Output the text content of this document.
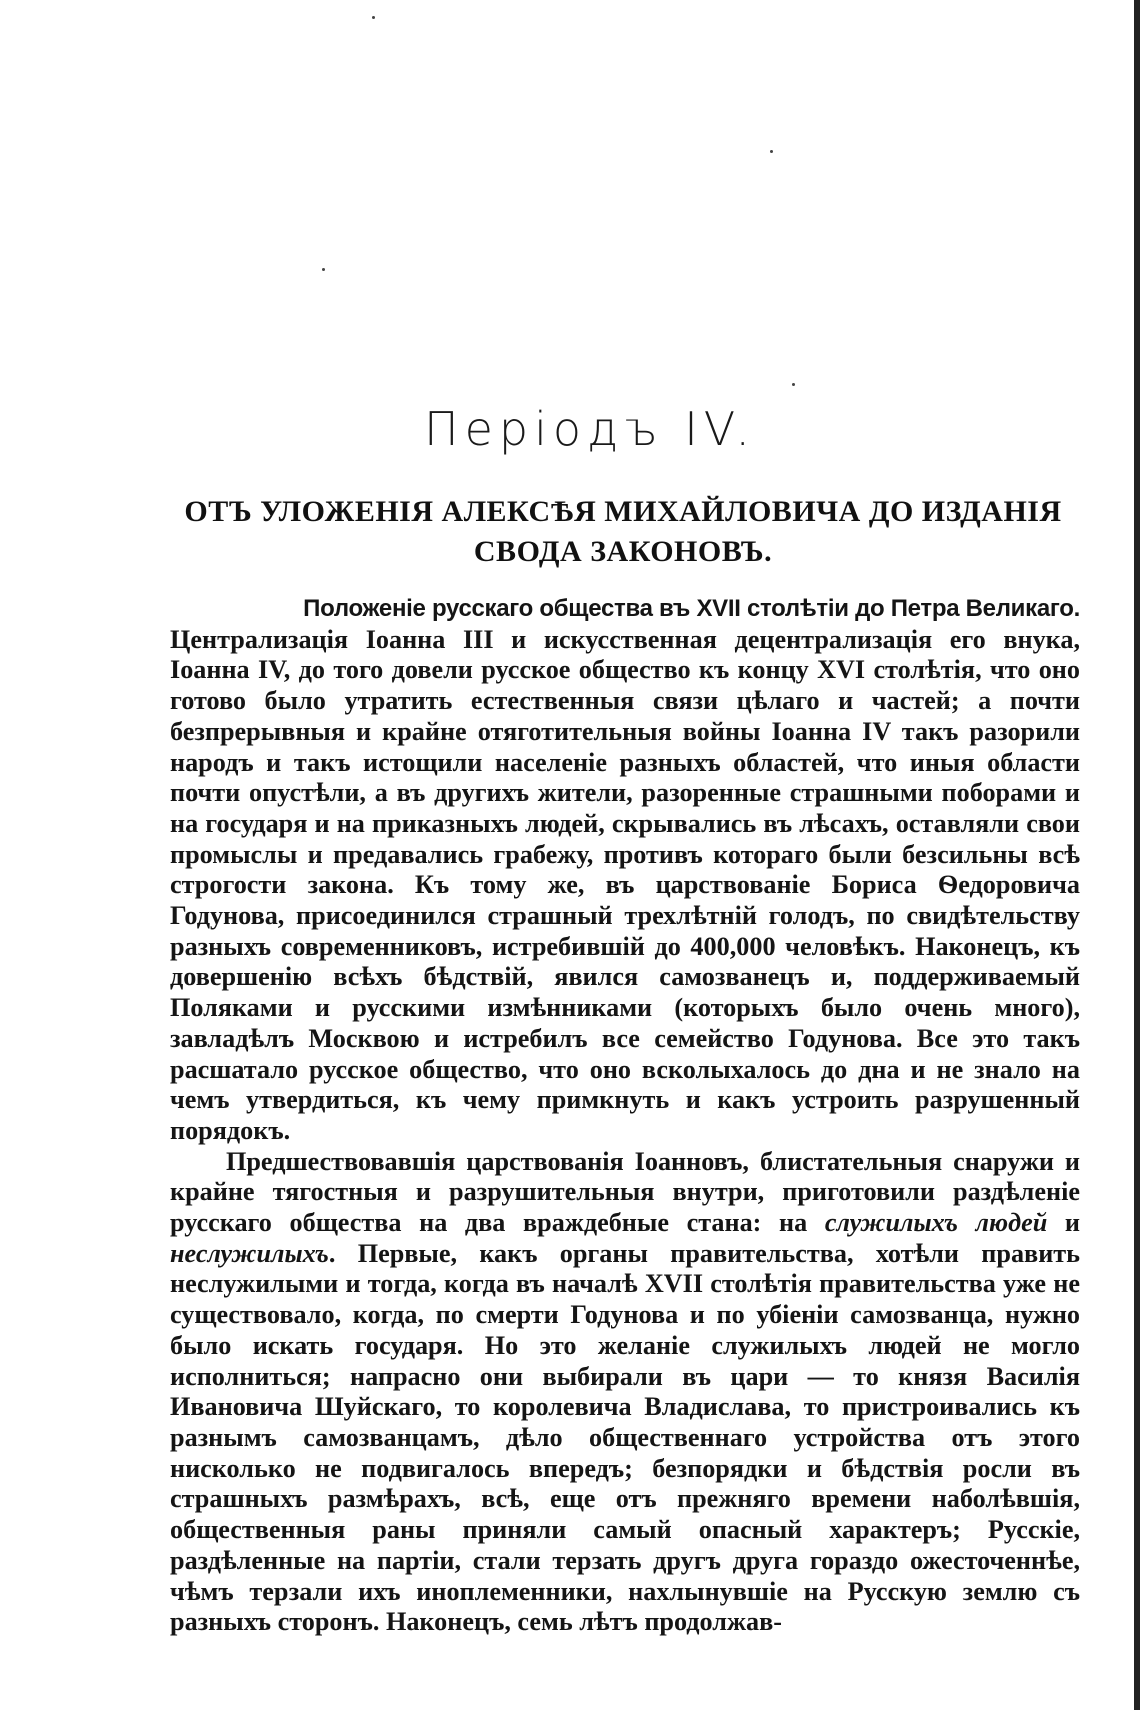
Періодъ IV.
ОТЪ УЛОЖЕНІЯ АЛЕКСѢЯ МИХАЙЛОВИЧА ДО ИЗДАНІЯ СВОДА ЗАКОНОВЪ.

Положеніе русскаго общества въ XVII столѣтіи до Петра Великаго.
Централизація Іоанна III и искусственная децентрализація его внука, Іоанна IV, до того довели русское общество къ концу XVI столѣтія, что оно готово было утратить естественныя связи цѣлаго и частей; а почти безпрерывныя и крайне отяготительныя войны Іоанна IV такъ разорили народъ и такъ истощили населеніе разныхъ областей, что иныя области почти опустѣли, а въ другихъ жители, разоренные страшными поборами и на государя и на приказныхъ людей, скрывались въ лѣсахъ, оставляли свои промыслы и предавались грабежу, противъ котораго были безсильны всѣ строгости закона. Къ тому же, въ царствованіе Бориса Ѳедоровича Годунова, присоединился страшный трехлѣтній голодъ, по свидѣтельству разныхъ современниковъ, истребившій до 400,000 человѣкъ. Наконецъ, къ довершенію всѣхъ бѣдствій, явился самозванецъ и, поддерживаемый Поляками и русскими измѣнниками (которыхъ было очень много), завладѣлъ Москвою и истребилъ все семейство Годунова. Все это такъ расшатало русское общество, что оно всколыхалось до дна и не знало на чемъ утвердиться, къ чему примкнуть и какъ устроить разрушенный порядокъ.

Предшествовавшія царствованія Іоанновъ, блистательныя снаружи и крайне тягостныя и разрушительныя внутри, приготовили раздѣленіе русскаго общества на два враждебные стана: на служилыхъ людей и неслужилыхъ. Первые, какъ органы правительства, хотѣли править неслужилыми и тогда, когда въ началѣ XVII столѣтія правительства уже не существовало, когда, по смерти Годунова и по убіеніи самозванца, нужно было искать государя. Но это желаніе служилыхъ людей не могло исполниться; напрасно они выбирали въ цари — то князя Василія Ивановича Шуйскаго, то королевича Владислава, то пристроивались къ разнымъ самозванцамъ, дѣло общественнаго устройства отъ этого нисколько не подвигалось впередъ; безпорядки и бѣдствія росли въ страшныхъ размѣрахъ, всѣ, еще отъ прежняго времени наболѣвшія, общественныя раны приняли самый опасный характеръ; Русскіе, раздѣленные на партіи, стали терзать другъ друга гораздо ожесточеннѣе, чѣмъ терзали ихъ иноплеменники, нахлынувшіе на Русскую землю съ разныхъ сторонъ. Наконецъ, семь лѣтъ продолжав-
